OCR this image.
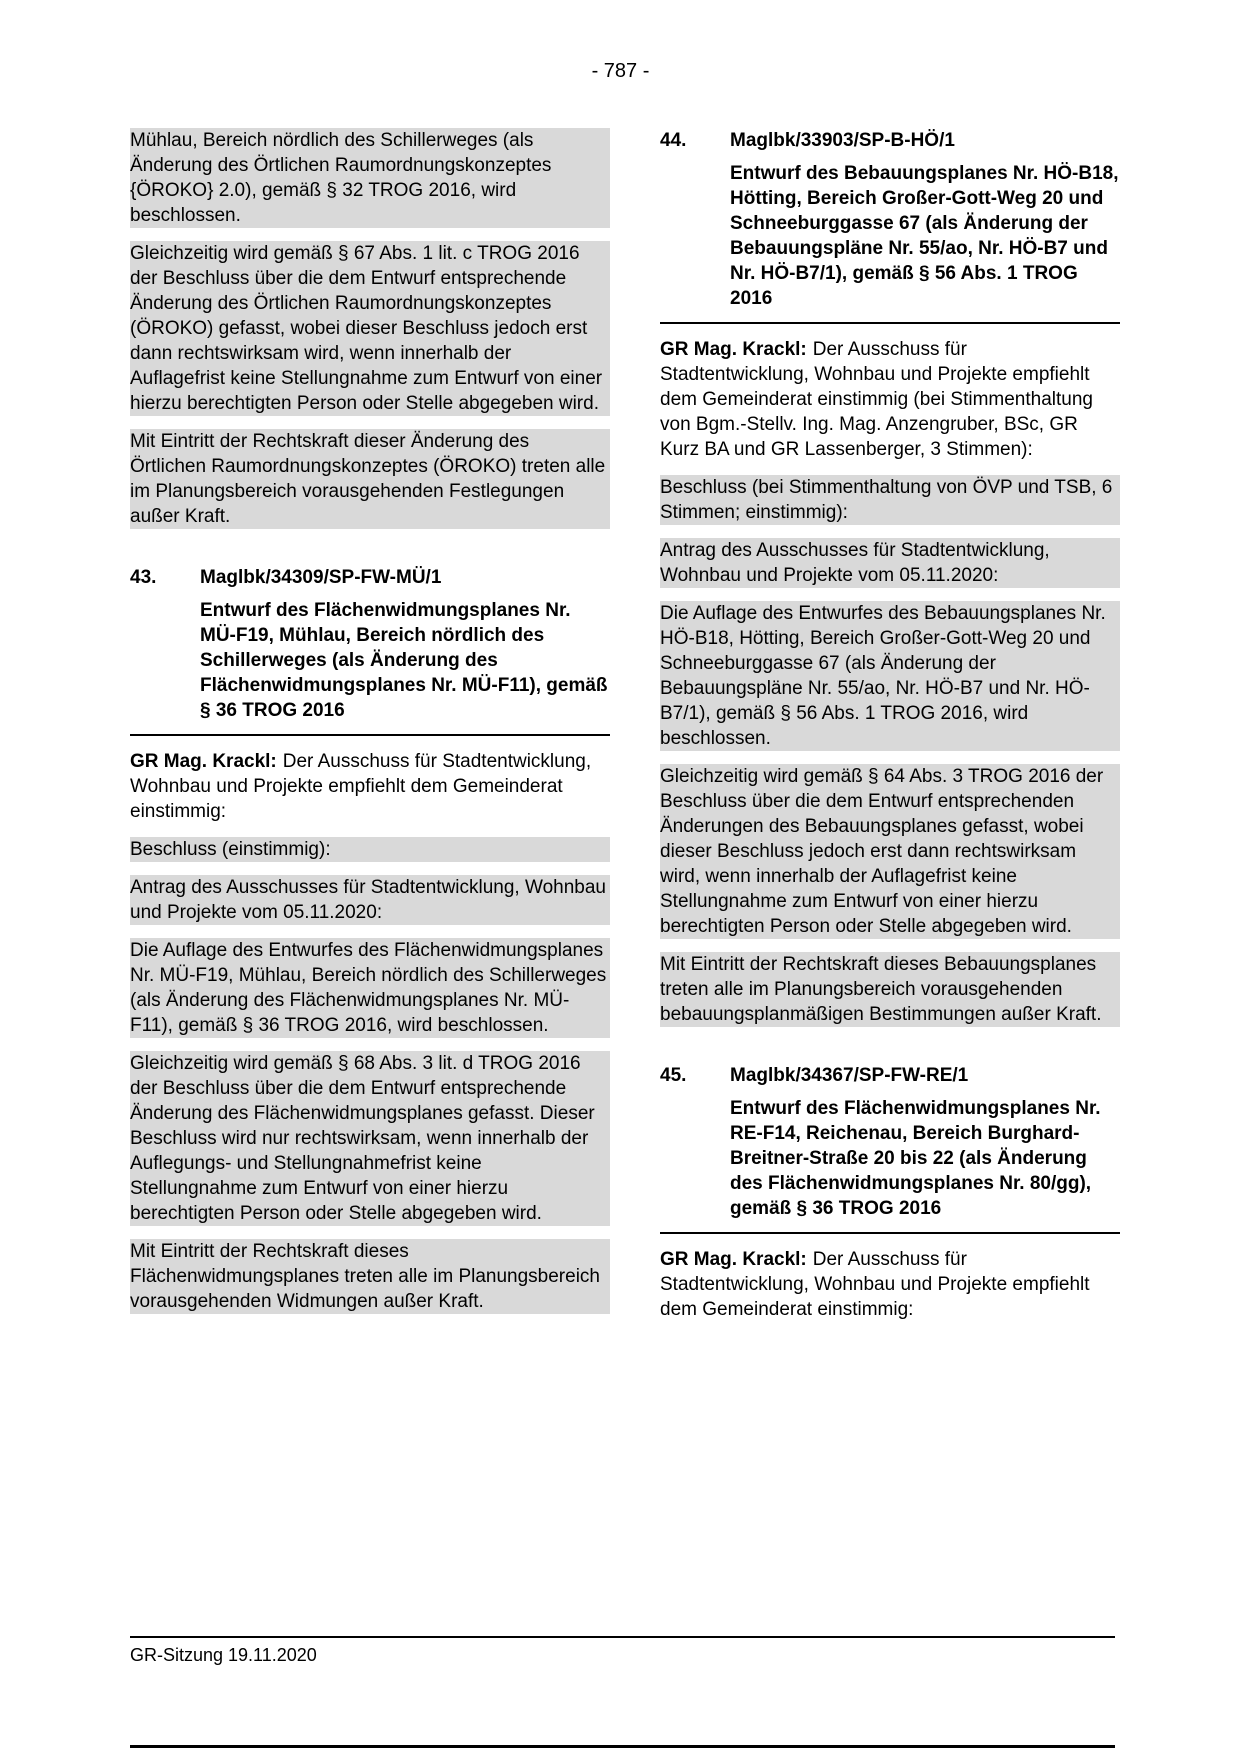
- 787 -

Mühlau, Bereich nördlich des Schillerweges (als Änderung des Örtlichen Raumordnungskonzeptes {ÖROKO} 2.0), gemäß § 32 TROG 2016, wird beschlossen.

Gleichzeitig wird gemäß § 67 Abs. 1 lit. c TROG 2016 der Beschluss über die dem Entwurf entsprechende Änderung des Örtlichen Raumordnungskonzeptes (ÖROKO) gefasst, wobei dieser Beschluss jedoch erst dann rechtswirksam wird, wenn innerhalb der Auflagefrist keine Stellungnahme zum Entwurf von einer hierzu berechtigten Person oder Stelle abgegeben wird.

Mit Eintritt der Rechtskraft dieser Änderung des Örtlichen Raumordnungskonzeptes (ÖROKO) treten alle im Planungsbereich vorausgehenden Festlegungen außer Kraft.

43.	Maglbk/34309/SP-FW-MÜ/1
Entwurf des Flächenwidmungsplanes Nr. MÜ-F19, Mühlau, Bereich nördlich des Schillerweges (als Änderung des Flächenwidmungsplanes Nr. MÜ-F11), gemäß § 36 TROG 2016

GR Mag. Krackl: Der Ausschuss für Stadtentwicklung, Wohnbau und Projekte empfiehlt dem Gemeinderat einstimmig:

Beschluss (einstimmig):

Antrag des Ausschusses für Stadtentwicklung, Wohnbau und Projekte vom 05.11.2020:

Die Auflage des Entwurfes des Flächenwidmungsplanes Nr. MÜ-F19, Mühlau, Bereich nördlich des Schillerweges (als Änderung des Flächenwidmungsplanes Nr. MÜ-F11), gemäß § 36 TROG 2016, wird beschlossen.

Gleichzeitig wird gemäß § 68 Abs. 3 lit. d TROG 2016 der Beschluss über die dem Entwurf entsprechende Änderung des Flächenwidmungsplanes gefasst. Dieser Beschluss wird nur rechtswirksam, wenn innerhalb der Auflegungs- und Stellungnahmefrist keine Stellungnahme zum Entwurf von einer hierzu berechtigten Person oder Stelle abgegeben wird.

Mit Eintritt der Rechtskraft dieses Flächenwidmungsplanes treten alle im Planungsbereich vorausgehenden Widmungen außer Kraft.

44.	Maglbk/33903/SP-B-HÖ/1
Entwurf des Bebauungsplanes Nr. HÖ-B18, Hötting, Bereich Großer-Gott-Weg 20 und Schneeburggasse 67 (als Änderung der Bebauungspläne Nr. 55/ao, Nr. HÖ-B7 und Nr. HÖ-B7/1), gemäß § 56 Abs. 1 TROG 2016

GR Mag. Krackl: Der Ausschuss für Stadtentwicklung, Wohnbau und Projekte empfiehlt dem Gemeinderat einstimmig (bei Stimmenthaltung von Bgm.-Stellv. Ing. Mag. Anzengruber, BSc, GR Kurz BA und GR Lassenberger, 3 Stimmen):

Beschluss (bei Stimmenthaltung von ÖVP und TSB, 6 Stimmen; einstimmig):

Antrag des Ausschusses für Stadtentwicklung, Wohnbau und Projekte vom 05.11.2020:

Die Auflage des Entwurfes des Bebauungsplanes Nr. HÖ-B18, Hötting, Bereich Großer-Gott-Weg 20 und Schneeburggasse 67 (als Änderung der Bebauungspläne Nr. 55/ao, Nr. HÖ-B7 und Nr. HÖ-B7/1), gemäß § 56 Abs. 1 TROG 2016, wird beschlossen.

Gleichzeitig wird gemäß § 64 Abs. 3 TROG 2016 der Beschluss über die dem Entwurf entsprechenden Änderungen des Bebauungsplanes gefasst, wobei dieser Beschluss jedoch erst dann rechtswirksam wird, wenn innerhalb der Auflagefrist keine Stellungnahme zum Entwurf von einer hierzu berechtigten Person oder Stelle abgegeben wird.

Mit Eintritt der Rechtskraft dieses Bebauungsplanes treten alle im Planungsbereich vorausgehenden bebauungsplanmäßigen Bestimmungen außer Kraft.

45.	Maglbk/34367/SP-FW-RE/1
Entwurf des Flächenwidmungsplanes Nr. RE-F14, Reichenau, Bereich Burghard-Breitner-Straße 20 bis 22 (als Änderung des Flächenwidmungsplanes Nr. 80/gg), gemäß § 36 TROG 2016

GR Mag. Krackl: Der Ausschuss für Stadtentwicklung, Wohnbau und Projekte empfiehlt dem Gemeinderat einstimmig:

GR-Sitzung 19.11.2020
